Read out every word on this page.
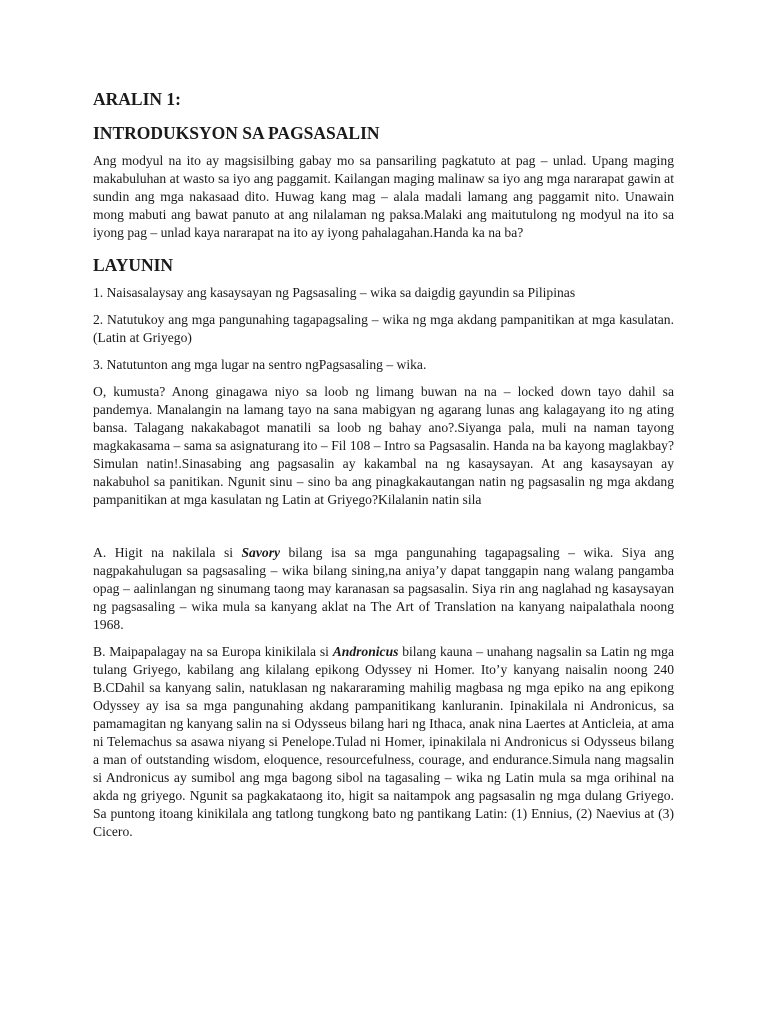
ARALIN 1:
INTRODUKSYON SA PAGSASALIN

Ang modyul na ito ay magsisilbing gabay mo sa pansariling pagkatuto at pag – unlad. Upang maging makabuluhan at wasto sa iyo ang paggamit. Kailangan maging malinaw sa iyo ang mga nararapat gawin at sundin ang mga nakasaad dito. Huwag kang mag – alala madali lamang ang paggamit nito. Unawain mong mabuti ang bawat panuto at ang nilalaman ng paksa.Malaki ang maitutulong ng modyul na ito sa iyong pag – unlad kaya nararapat na ito ay iyong pahalagahan.Handa ka na ba?

LAYUNIN

1. Naisasalaysay ang kasaysayan ng Pagsasaling – wika sa daigdig gayundin sa Pilipinas

2. Natutukoy ang mga pangunahing tagapagsaling – wika ng mga akdang pampanitikan at mga kasulatan. (Latin at Griyego)

3. Natutunton ang mga lugar na sentro ngPagsasaling – wika.

O, kumusta? Anong ginagawa niyo sa loob ng limang buwan na na – locked down tayo dahil sa pandemya. Manalangin na lamang tayo na sana mabigyan ng agarang lunas ang kalagayang ito ng ating bansa. Talagang nakakabagot manatili sa loob ng bahay ano?.Siyanga pala, muli na naman tayong magkakasama – sama sa asignaturang ito – Fil 108 – Intro sa Pagsasalin. Handa na ba kayong maglakbay? Simulan natin!.Sinasabing ang pagsasalin ay kakambal na ng kasaysayan. At ang kasaysayan ay nakabuhol sa panitikan. Ngunit sinu – sino ba ang pinagkakautangan natin ng pagsasalin ng mga akdang pampanitikan at mga kasulatan ng Latin at Griyego?Kilalanin natin sila

A. Higit na nakilala si Savory bilang isa sa mga pangunahing tagapagsaling – wika. Siya ang nagpakahulugan sa pagsasaling – wika bilang sining,na aniya’y dapat tanggapin nang walang pangamba opag – aalinlangan ng sinumang taong may karanasan sa pagsasalin. Siya rin ang naglahad ng kasaysayan ng pagsasaling – wika mula sa kanyang aklat na The Art of Translation na kanyang naipalathala noong 1968.

B. Maipapalagay na sa Europa kinikilala si Andronicus bilang kauna – unahang nagsalin sa Latin ng mga tulang Griyego, kabilang ang kilalang epikong Odyssey ni Homer. Ito’y kanyang naisalin noong 240 B.CDahil sa kanyang salin, natuklasan ng nakararaming mahilig magbasa ng mga epiko na ang epikong Odyssey ay isa sa mga pangunahing akdang pampanitikang kanluranin. Ipinakilala ni Andronicus, sa pamamagitan ng kanyang salin na si Odysseus bilang hari ng Ithaca, anak nina Laertes at Anticleia, at ama ni Telemachus sa asawa niyang si Penelope.Tulad ni Homer, ipinakilala ni Andronicus si Odysseus bilang a man of outstanding wisdom, eloquence, resourcefulness, courage, and endurance.Simula nang magsalin si Andronicus ay sumibol ang mga bagong sibol na tagasaling – wika ng Latin mula sa mga orihinal na akda ng griyego. Ngunit sa pagkakataong ito, higit sa naitampok ang pagsasalin ng mga dulang Griyego. Sa puntong itoang kinikilala ang tatlong tungkong bato ng pantikang Latin: (1) Ennius, (2) Naevius at (3) Cicero.
